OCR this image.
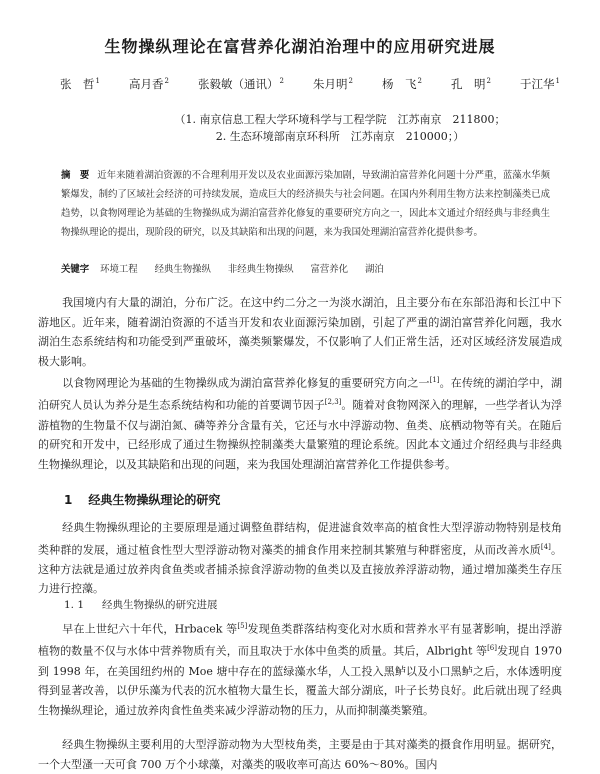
生物操纵理论在富营养化湖泊治理中的应用研究进展
张　哲$^1$	高月香$^2$	张毅敏（通讯）$^2$	朱月明$^2$	杨　飞$^2$	孔　明$^2$	于江华$^1$
（1. 南京信息工程大学环境科学与工程学院　江苏南京　211800；
2. 生态环境部南京环科所　江苏南京　210000；）
摘　要 近年来随着湖泊资源的不合理利用开发以及农业面源污染加剧，导致湖泊富营养化问题十分严重，蓝藻水华频繁爆发，制约了区域社会经济的可持续发展，造成巨大的经济损失与社会问题。在国内外利用生物方法来控制藻类已成趋势，以食物网理论为基础的生物操纵成为湖泊富营养化修复的重要研究方向之一，因此本文通过介绍经典与非经典生物操纵理论的提出，现阶段的研究，以及其缺陷和出现的问题，来为我国处理湖泊富营养化提供参考。
关键字 环境工程 经典生物操纵 非经典生物操纵 富营养化 湖泊
我国境内有大量的湖泊，分布广泛。在这中约二分之一为淡水湖泊，且主要分布在东部沿海和长江中下游地区。近年来，随着湖泊资源的不适当开发和农业面源污染加剧，引起了严重的湖泊富营养化问题，我水湖泊生态系统结构和功能受到严重破坏，藻类频繁爆发，不仅影响了人们正常生活，还对区域经济发展造成极大影响。
以食物网理论为基础的生物操纵成为湖泊富营养化修复的重要研究方向之一[1]。在传统的湖泊学中，湖泊研究人员认为养分是生态系统结构和功能的首要调节因子[2,3]。随着对食物网深入的理解，一些学者认为浮游植物的生物量不仅与湖泊氮、磷等养分含量有关，它还与水中浮游动物、鱼类、底栖动物等有关。在随后的研究和开发中，已经形成了通过生物操纵控制藻类大量繁殖的理论系统。因此本文通过介绍经典与非经典生物操纵理论，以及其缺陷和出现的问题，来为我国处理湖泊富营养化工作提供参考。
1 经典生物操纵理论的研究
经典生物操纵理论的主要原理是通过调整鱼群结构，促进滤食效率高的植食性大型浮游动物特别是枝角类种群的发展，通过植食性型大型浮游动物对藻类的捕食作用来控制其繁殖与种群密度，从而改善水质[4]。这种方法就是通过放养肉食鱼类或者捕杀掠食浮游动物的鱼类以及直接放养浮游动物，通过增加藻类生存压力进行控藻。
1. 1 经典生物操纵的研究进展
早在上世纪六十年代，Hrbacek 等[5]发现鱼类群落结构变化对水质和营养水平有显著影响，提出浮游植物的数量不仅与水体中营养物质有关，而且取决于水体中鱼类的质量。其后，Albright 等[6]发现自 1970 到 1998 年，在美国纽约州的 Moe 塘中存在的蓝绿藻水华，人工投入黑鲈以及小口黑鲈之后，水体透明度得到显著改善，以伊乐藻为代表的沉水植物大量生长，覆盖大部分湖底，叶子长势良好。此后就出现了经典生物操纵理论，通过放养肉食性鱼类来减少浮游动物的压力，从而抑制藻类繁殖。
经典生物操纵主要利用的大型浮游动物为大型枝角类，主要是由于其对藻类的摄食作用明显。据研究，一个大型溞一天可食 700 万个小球藻，对藻类的吸收率可高达 60%～80%。国内
